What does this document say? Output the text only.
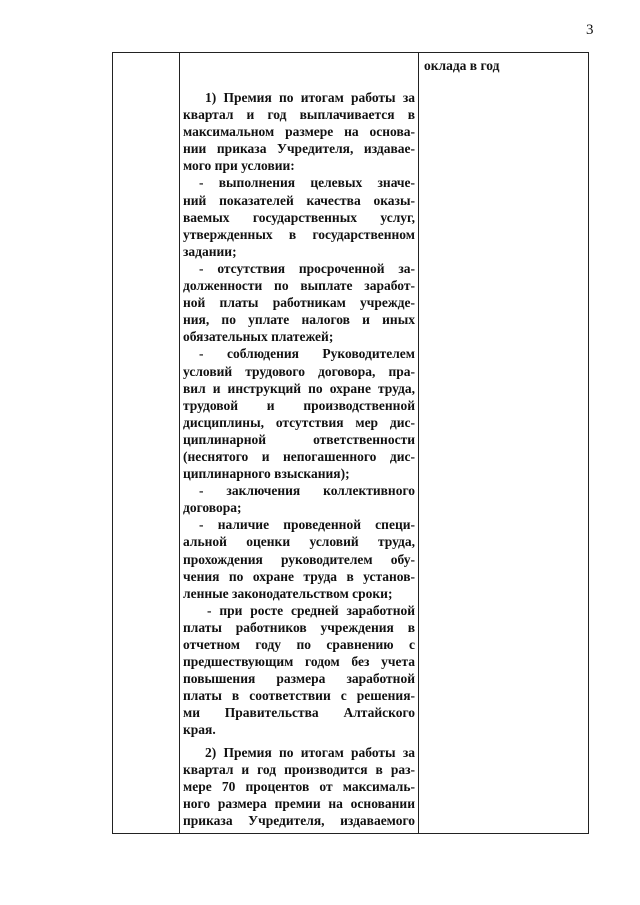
3
оклада в год
1) Премия по итогам работы за
квартал и год выплачивается в
максимальном размере на основа-
нии приказа Учредителя, издавае-
мого при условии:
- выполнения целевых значе-
ний показателей качества оказы-
ваемых государственных услуг,
утвержденных в государственном
задании;
- отсутствия просроченной за-
долженности по выплате заработ-
ной платы работникам учрежде-
ния, по уплате налогов и иных
обязательных платежей;
- соблюдения Руководителем
условий трудового договора, пра-
вил и инструкций по охране труда,
трудовой и производственной
дисциплины, отсутствия мер дис-
циплинарной ответственности
(неснятого и непогашенного дис-
циплинарного взыскания);
- заключения коллективного
договора;
- наличие проведенной специ-
альной оценки условий труда,
прохождения руководителем обу-
чения по охране труда в установ-
ленные законодательством сроки;
- при росте средней заработной
платы работников учреждения в
отчетном году по сравнению с
предшествующим годом без учета
повышения размера заработной
платы в соответствии с решения-
ми Правительства Алтайского
края.
2) Премия по итогам работы за
квартал и год производится в раз-
мере 70 процентов от максималь-
ного размера премии на основании
приказа Учредителя, издаваемого
